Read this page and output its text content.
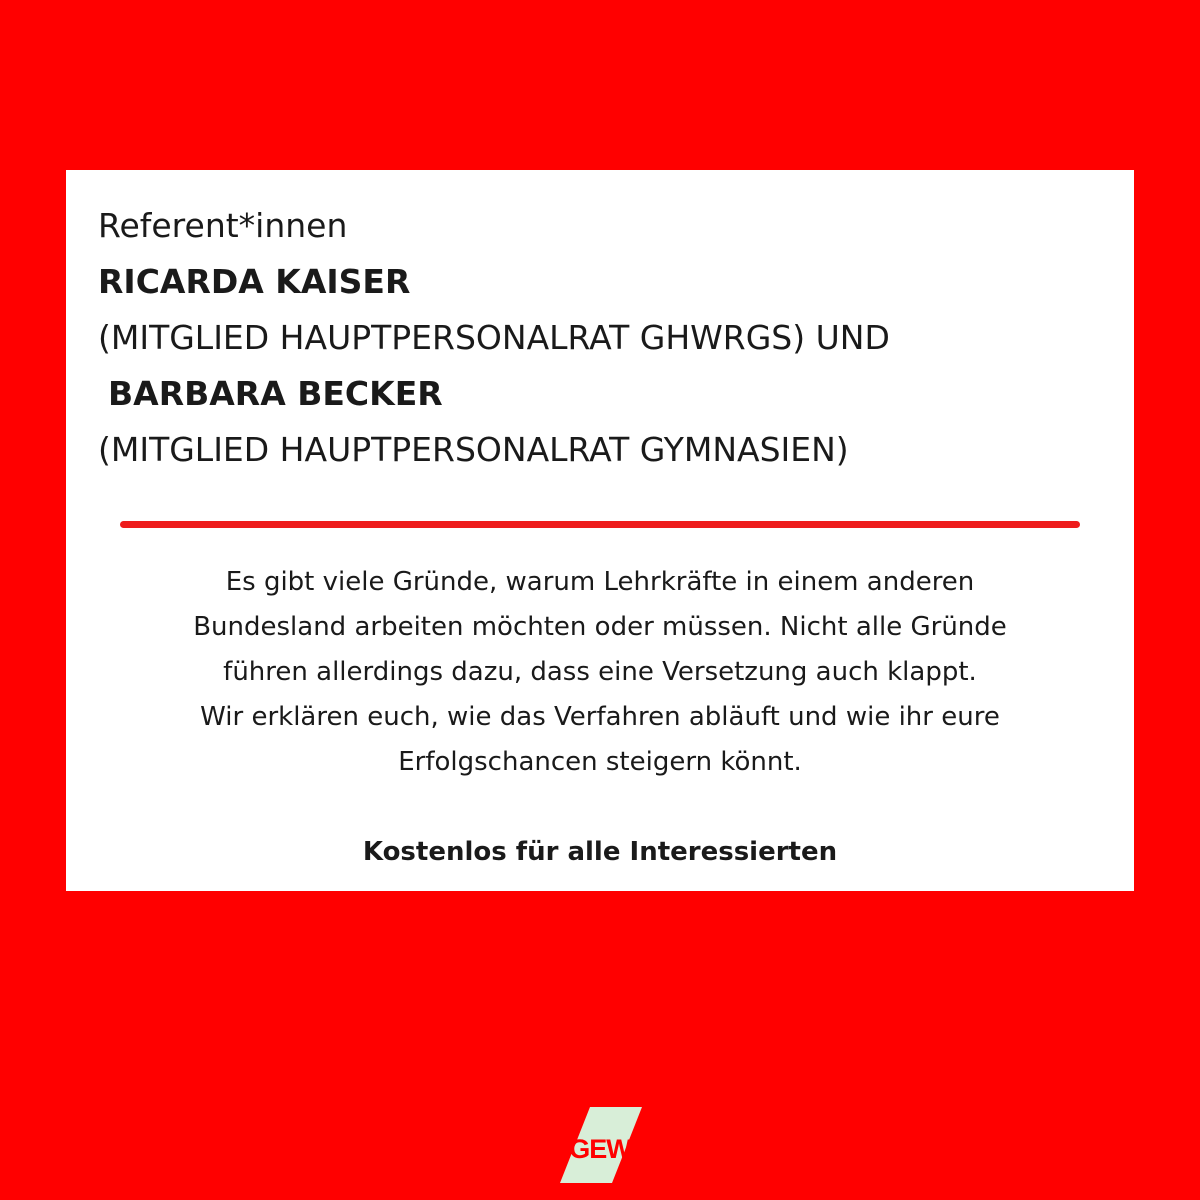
Referent*innen
RICARDA KAISER
(MITGLIED HAUPTPERSONALRAT GHWRGS) UND
BARBARA BECKER
(MITGLIED HAUPTPERSONALRAT GYMNASIEN)
Es gibt viele Gründe, warum Lehrkräfte in einem anderen
Bundesland arbeiten möchten oder müssen. Nicht alle Gründe
führen allerdings dazu, dass eine Versetzung auch klappt.
Wir erklären euch, wie das Verfahren abläuft und wie ihr eure
Erfolgschancen steigern könnt.
Kostenlos für alle Interessierten
GEW
